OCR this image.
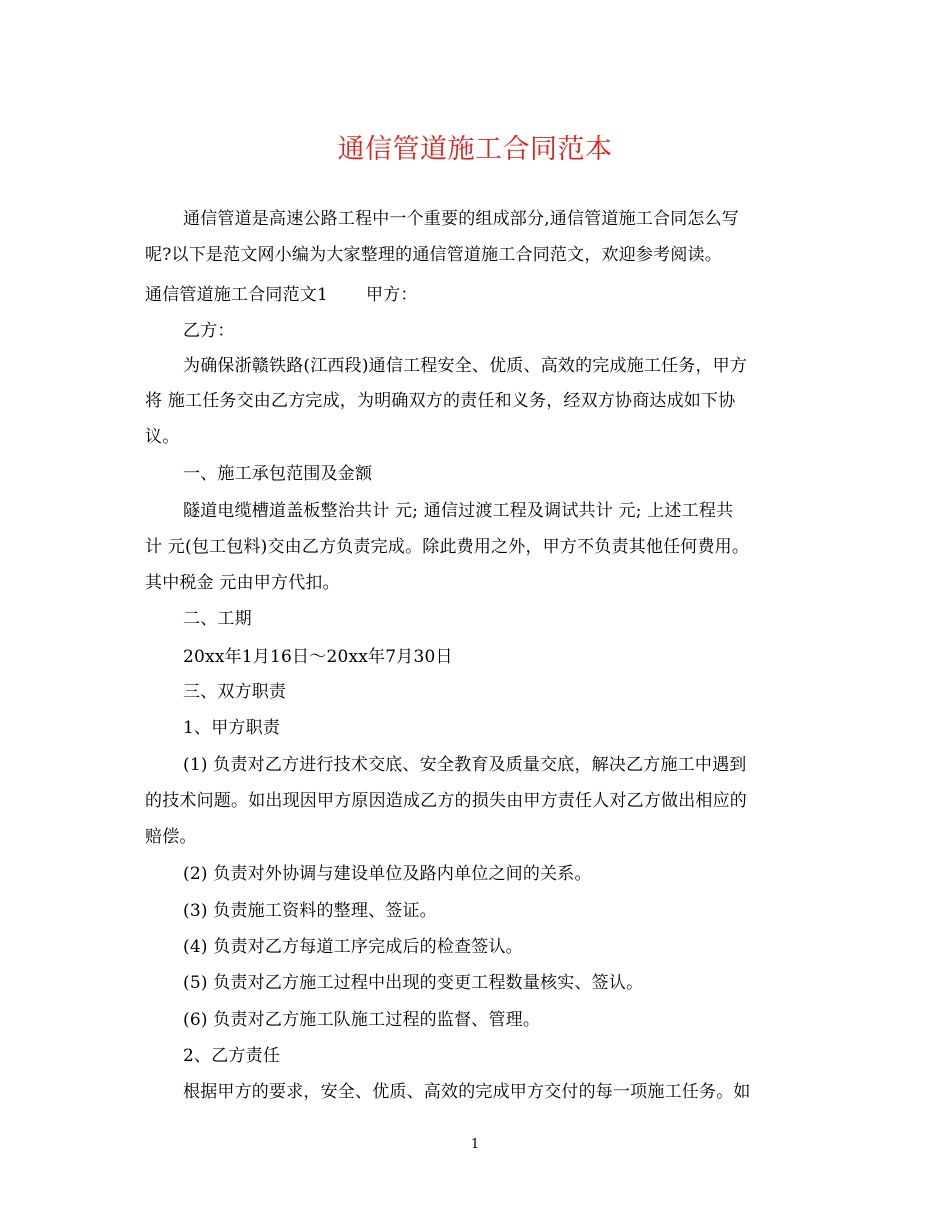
通信管道施工合同范本
通信管道是高速公路工程中一个重要的组成部分,通信管道施工合同怎么写
呢?以下是范文网小编为大家整理的通信管道施工合同范文，欢迎参考阅读。
通信管道施工合同范文1 甲方：
乙方：
为确保浙赣铁路(江西段)通信工程安全、优质、高效的完成施工任务，甲方
将 施工任务交由乙方完成，为明确双方的责任和义务，经双方协商达成如下协
议。
一、施工承包范围及金额
隧道电缆槽道盖板整治共计 元; 通信过渡工程及调试共计 元; 上述工程共
计 元(包工包料)交由乙方负责完成。除此费用之外，甲方不负责其他任何费用。
其中税金 元由甲方代扣。
二、工期
20xx年1月16日～20xx年7月30日
三、双方职责
1、甲方职责
(1) 负责对乙方进行技术交底、安全教育及质量交底，解决乙方施工中遇到
的技术问题。如出现因甲方原因造成乙方的损失由甲方责任人对乙方做出相应的
赔偿。
(2) 负责对外协调与建设单位及路内单位之间的关系。
(3) 负责施工资料的整理、签证。
(4) 负责对乙方每道工序完成后的检查签认。
(5) 负责对乙方施工过程中出现的变更工程数量核实、签认。
(6) 负责对乙方施工队施工过程的监督、管理。
2、乙方责任
根据甲方的要求，安全、优质、高效的完成甲方交付的每一项施工任务。如
1
